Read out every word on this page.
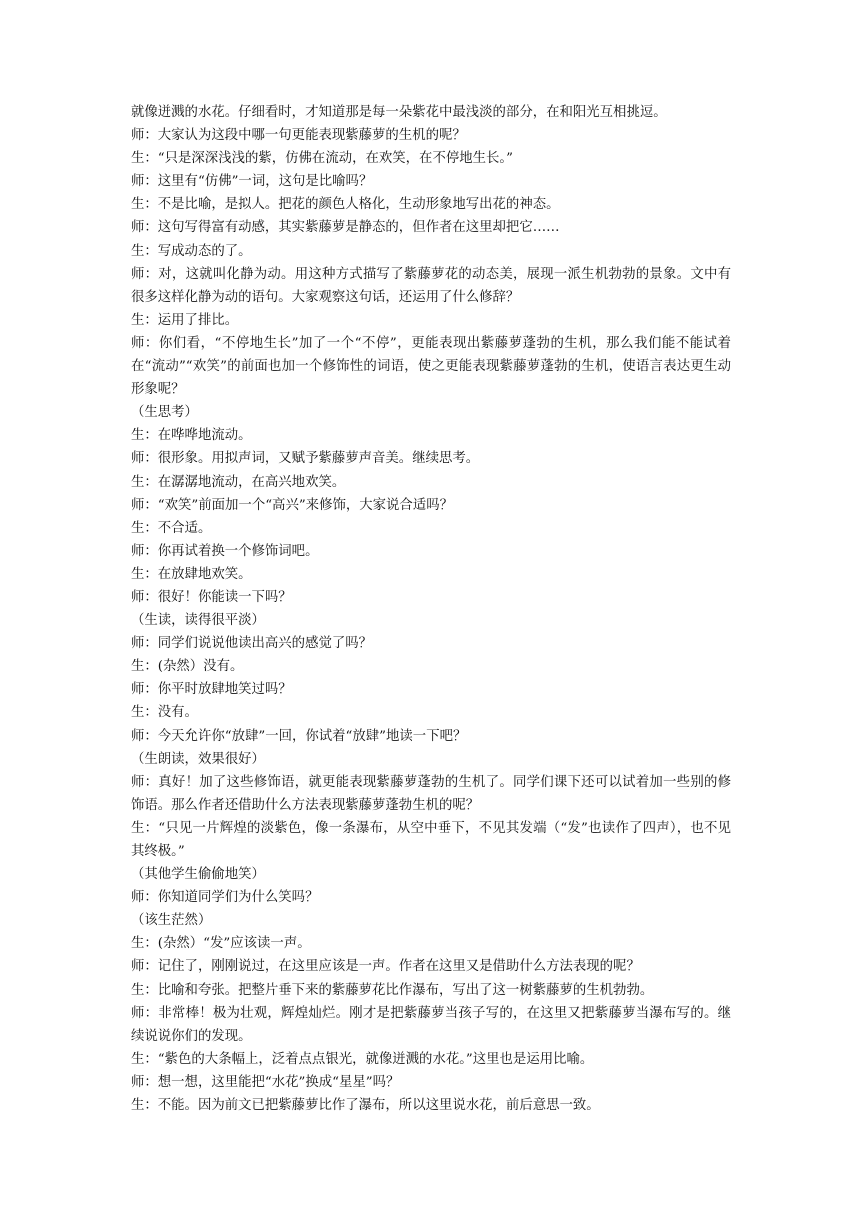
就像迸溅的水花。仔细看时，才知道那是每一朵紫花中最浅淡的部分，在和阳光互相挑逗。

师：大家认为这段中哪一句更能表现紫藤萝的生机的呢？

生：“只是深深浅浅的紫，仿佛在流动，在欢笑，在不停地生长。”

师：这里有“仿佛”一词，这句是比喻吗？

生：不是比喻，是拟人。把花的颜色人格化，生动形象地写出花的神态。

师：这句写得富有动感，其实紫藤萝是静态的，但作者在这里却把它……

生：写成动态的了。

师：对，这就叫化静为动。用这种方式描写了紫藤萝花的动态美，展现一派生机勃勃的景象。文中有很多这样化静为动的语句。大家观察这句话，还运用了什么修辞？

生：运用了排比。

师：你们看，“不停地生长”加了一个“不停”，更能表现出紫藤萝蓬勃的生机，那么我们能不能试着在“流动”“欢笑”的前面也加一个修饰性的词语，使之更能表现紫藤萝蓬勃的生机，使语言表达更生动形象呢？

（生思考）

生：在哗哗地流动。

师：很形象。用拟声词，又赋予紫藤萝声音美。继续思考。

生：在潺潺地流动，在高兴地欢笑。

师：“欢笑”前面加一个“高兴”来修饰，大家说合适吗？

生：不合适。

师：你再试着换一个修饰词吧。

生：在放肆地欢笑。

师：很好！你能读一下吗？

（生读，读得很平淡）

师：同学们说说他读出高兴的感觉了吗？

生：(杂然）没有。

师：你平时放肆地笑过吗？

生：没有。

师：今天允许你“放肆”一回，你试着“放肆”地读一下吧？

（生朗读，效果很好）

师：真好！加了这些修饰语，就更能表现紫藤萝蓬勃的生机了。同学们课下还可以试着加一些别的修饰语。那么作者还借助什么方法表现紫藤萝蓬勃生机的呢？

生：“只见一片辉煌的淡紫色，像一条瀑布，从空中垂下，不见其发端（“发”也读作了四声），也不见其终极。”

（其他学生偷偷地笑）

师：你知道同学们为什么笑吗？

（该生茫然）

生：(杂然）“发”应该读一声。

师：记住了，刚刚说过，在这里应该是一声。作者在这里又是借助什么方法表现的呢？

生：比喻和夸张。把整片垂下来的紫藤萝花比作瀑布，写出了这一树紫藤萝的生机勃勃。

师：非常棒！极为壮观，辉煌灿烂。刚才是把紫藤萝当孩子写的，在这里又把紫藤萝当瀑布写的。继续说说你们的发现。

生：“紫色的大条幅上，泛着点点银光，就像迸溅的水花。”这里也是运用比喻。

师：想一想，这里能把“水花”换成“星星”吗？

生：不能。因为前文已把紫藤萝比作了瀑布，所以这里说水花，前后意思一致。
